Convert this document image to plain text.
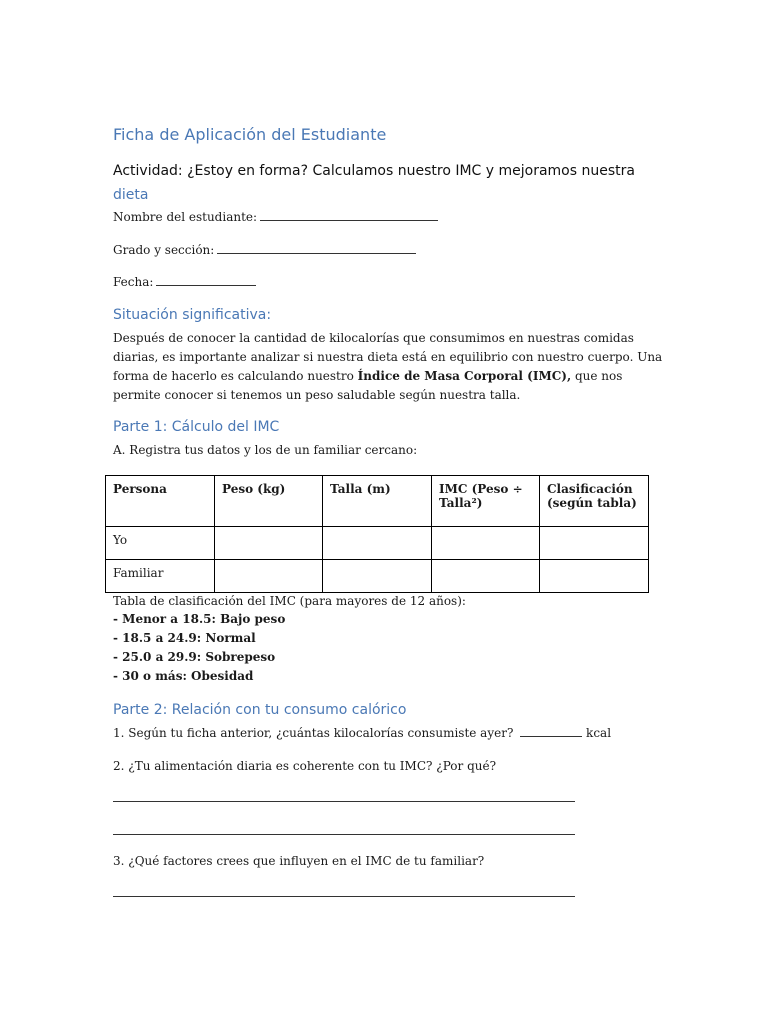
Ficha de Aplicación del Estudiante
Actividad: ¿Estoy en forma? Calculamos nuestro IMC y mejoramos nuestra
dieta
Nombre del estudiante:
Grado y sección:
Fecha:
Situación significativa:
Después de conocer la cantidad de kilocalorías que consumimos en nuestras comidas diarias, es importante analizar si nuestra dieta está en equilibrio con nuestro cuerpo. Una forma de hacerlo es calculando nuestro Índice de Masa Corporal (IMC), que nos permite conocer si tenemos un peso saludable según nuestra talla.
Parte 1: Cálculo del IMC
A. Registra tus datos y los de un familiar cercano:
Persona	Peso (kg)	Talla (m)	IMC (Peso ÷ Talla²)	Clasificación (según tabla)
Yo				
Familiar				
Tabla de clasificación del IMC (para mayores de 12 años):
- Menor a 18.5: Bajo peso
- 18.5 a 24.9: Normal
- 25.0 a 29.9: Sobrepeso
- 30 o más: Obesidad
Parte 2: Relación con tu consumo calórico
1. Según tu ficha anterior, ¿cuántas kilocalorías consumiste ayer?	kcal
2. ¿Tu alimentación diaria es coherente con tu IMC? ¿Por qué?
3. ¿Qué factores crees que influyen en el IMC de tu familiar?
